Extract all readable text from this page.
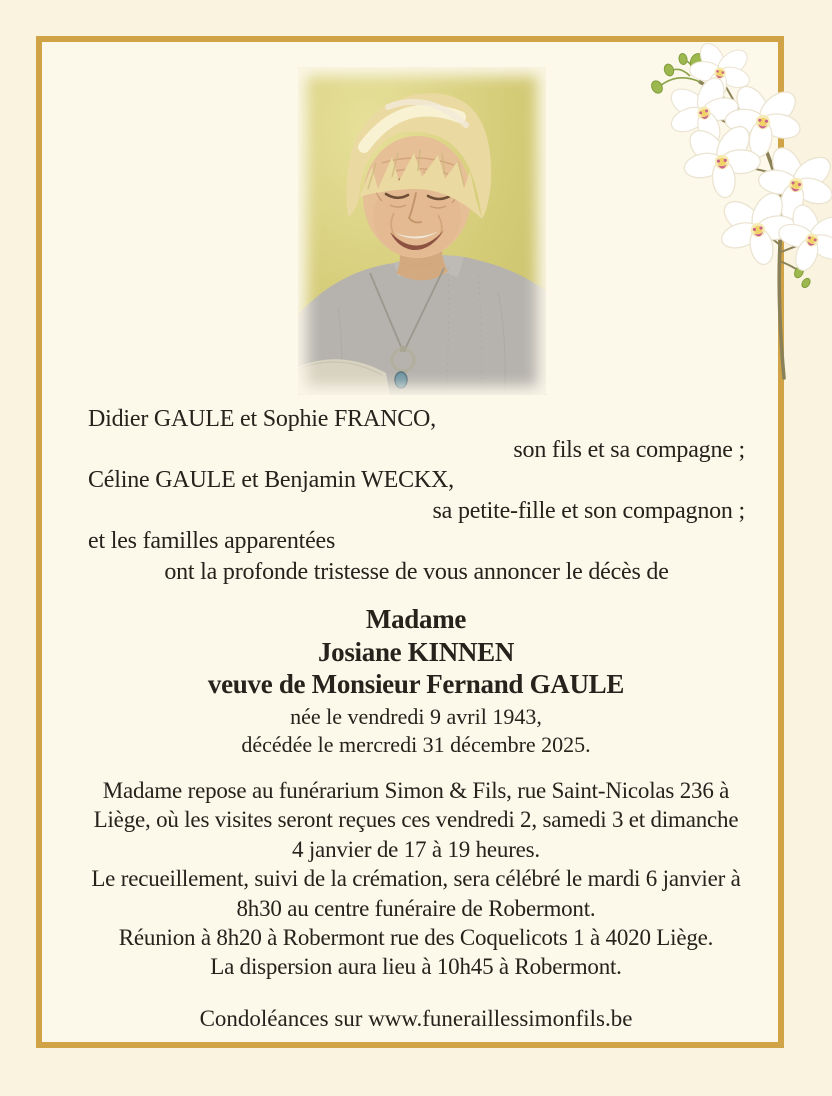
Didier GAULE et Sophie FRANCO,
son fils et sa compagne ;
Céline GAULE et Benjamin WECKX,
sa petite-fille et son compagnon ;
et les familles apparentées
ont la profonde tristesse de vous annoncer le décès de
Madame
Josiane KINNEN
veuve de Monsieur Fernand GAULE
née le vendredi 9 avril 1943,
décédée le mercredi 31 décembre 2025.

Madame repose au funérarium Simon & Fils, rue Saint-Nicolas 236 à Liège, où les visites seront reçues ces vendredi 2, samedi 3 et dimanche 4 janvier de 17 à 19 heures.

Le recueillement, suivi de la crémation, sera célébré le mardi 6 janvier à 8h30 au centre funéraire de Robermont.

Réunion à 8h20 à Robermont rue des Coquelicots 1 à 4020 Liège.

La dispersion aura lieu à 10h45 à Robermont.

Condoléances sur www.funeraillessimonfils.be
